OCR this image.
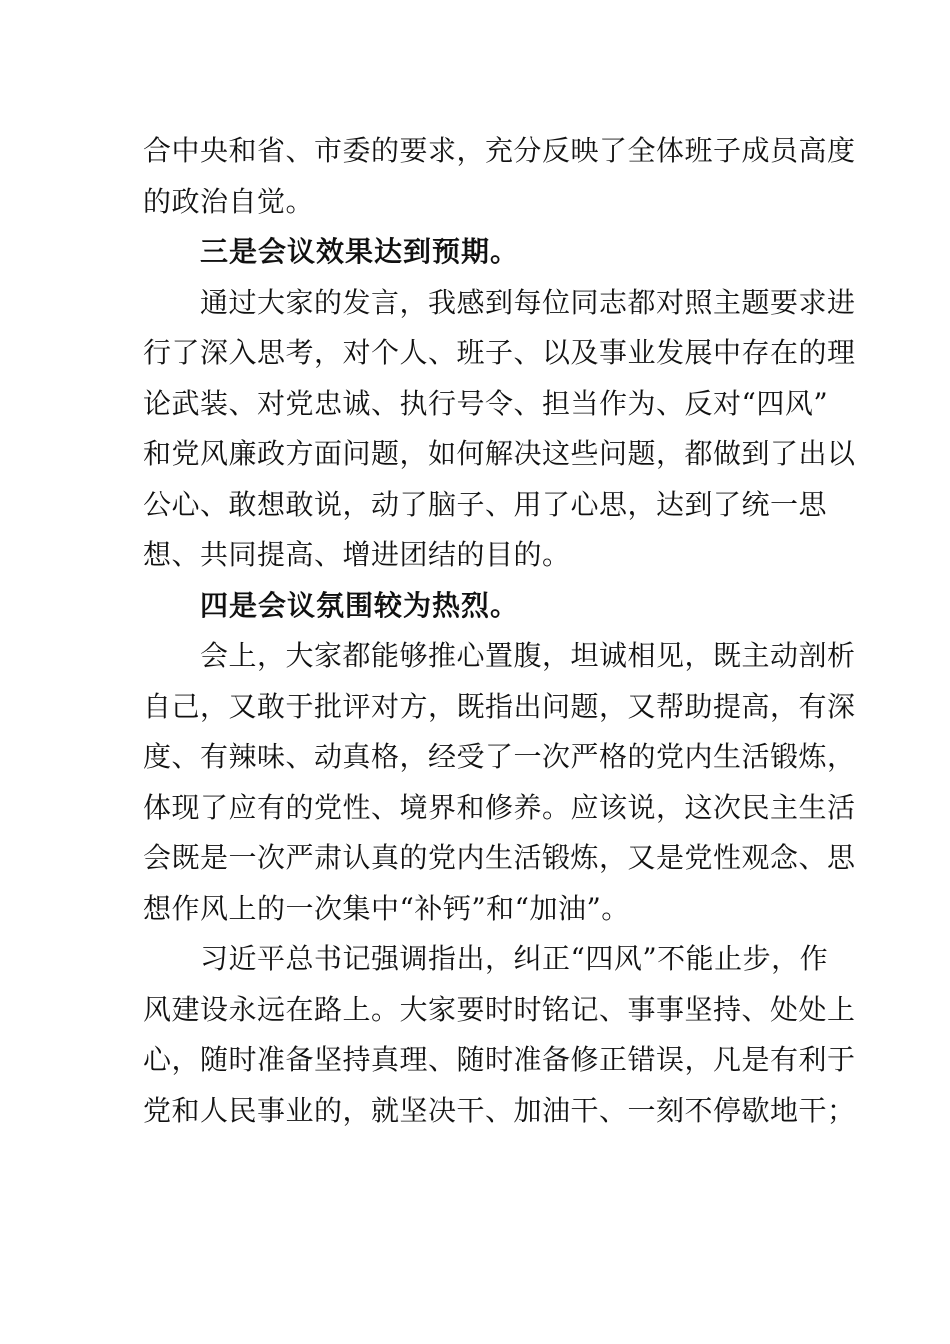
合中央和省、市委的要求，充分反映了全体班子成员高度
的政治自觉。
三是会议效果达到预期。
通过大家的发言，我感到每位同志都对照主题要求进
行了深入思考，对个人、班子、以及事业发展中存在的理
论武装、对党忠诚、执行号令、担当作为、反对“四风”
和党风廉政方面问题，如何解决这些问题，都做到了出以
公心、敢想敢说，动了脑子、用了心思，达到了统一思
想、共同提高、增进团结的目的。
四是会议氛围较为热烈。
会上，大家都能够推心置腹，坦诚相见，既主动剖析
自己，又敢于批评对方，既指出问题，又帮助提高，有深
度、有辣味、动真格，经受了一次严格的党内生活锻炼，
体现了应有的党性、境界和修养。应该说，这次民主生活
会既是一次严肃认真的党内生活锻炼，又是党性观念、思
想作风上的一次集中“补钙”和“加油”。
习近平总书记强调指出，纠正“四风”不能止步，作
风建设永远在路上。大家要时时铭记、事事坚持、处处上
心，随时准备坚持真理、随时准备修正错误，凡是有利于
党和人民事业的，就坚决干、加油干、一刻不停歇地干；
